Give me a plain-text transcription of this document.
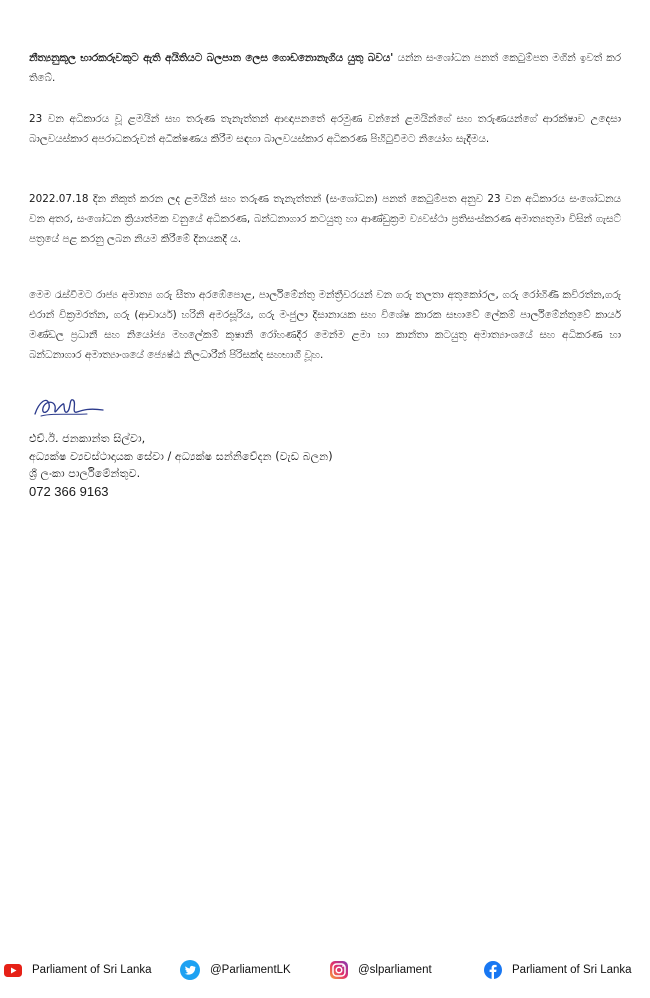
නීත්‍යනුකූල භාරකරුවකුට ඇති අයිතියට බලපාන ලෙස ගොඩනොනැගිය යුතු බවය' යන්න සංශෝධන පනත් කෙටුම්පත මගින් ඉවත් කර තිබේ.

23 වන අධිකාරය වූ ළමයින් සහ තරුණ තැනැත්තන් ආඥාපනතේ අරමුණ වන්නේ ළමයින්ගේ සහ තරුණයන්ගේ ආරක්ෂාව උදෙසා බාලවයස්කාර අපරාධකරුවන් අධීක්ෂණය කිරීම සඳහා බාලවයස්කාර අධිකරණ පිහිටුවීමට නියෝග සැදීමය.

2022.07.18 දින නිකුත් කරන ලද ළමයින් සහ තරුණ තැනැත්තන් (සංශෝධන) පනත් කෙටුම්පත අනුව 23 වන අධිකාරය සංශෝධනය වන අතර, සංශෝධන ක්‍රියාත්මක වනුයේ අධිකරණ, බන්ධනාගාර කටයුතු හා ආණ්ඩුක්‍රම ව්‍යවස්ථා ප්‍රතිසංස්කරණ අමාත්‍යතුමා විසින් ගැසට් පත්‍රයේ පළ කරනු ලබන නියම කිරීමේ දිනයකදී ය.

මෙම රැස්වීමට රාජ්‍ය අමාත්‍ය ගරු සීතා අරඹේපොළ, පාර්ලිමේන්තු මන්ත්‍රීවරයන් වන ගරු තලතා අතුකෝරල, ගරු රෝහිණී කවිරත්න,ගරු එරාන් වික්‍රමරත්න, ගරු (ආචාර්ය) හරිනි අමරසූරිය, ගරු මංජුලා දිසානායක සහ විශේෂ කාරක සභාවේ ලේකම් පාර්ලිමේන්තුවේ කාර්ය මණ්ඩල ප්‍රධානී සහ නියෝජ්‍ය මහලේකම් කුෂානි රෝහණදීර මෙන්ම ළමා හා කාන්තා කටයුතු අමාත්‍යාංශයේ සහ අධිකරණ හා බන්ධනාගාර අමාත්‍යාංශයේ ජ්‍යෙෂ්ඨ නිලධාරීන් පිරිසක්ද සහභාගී වූහ.

එච්.ඊ. ජනකාන්ත සිල්වා,
අධ්‍යක්ෂ ව්‍යවස්ථාදායක සේවා / අධ්‍යක්ෂ සන්නිවේදන (වැඩ බලන)
ශ්‍රී ලංකා පාර්ලිමේන්තුව.
072 366 9163
Parliament of Sri Lanka	@ParliamentLK	@slparliament	Parliament of Sri Lanka
